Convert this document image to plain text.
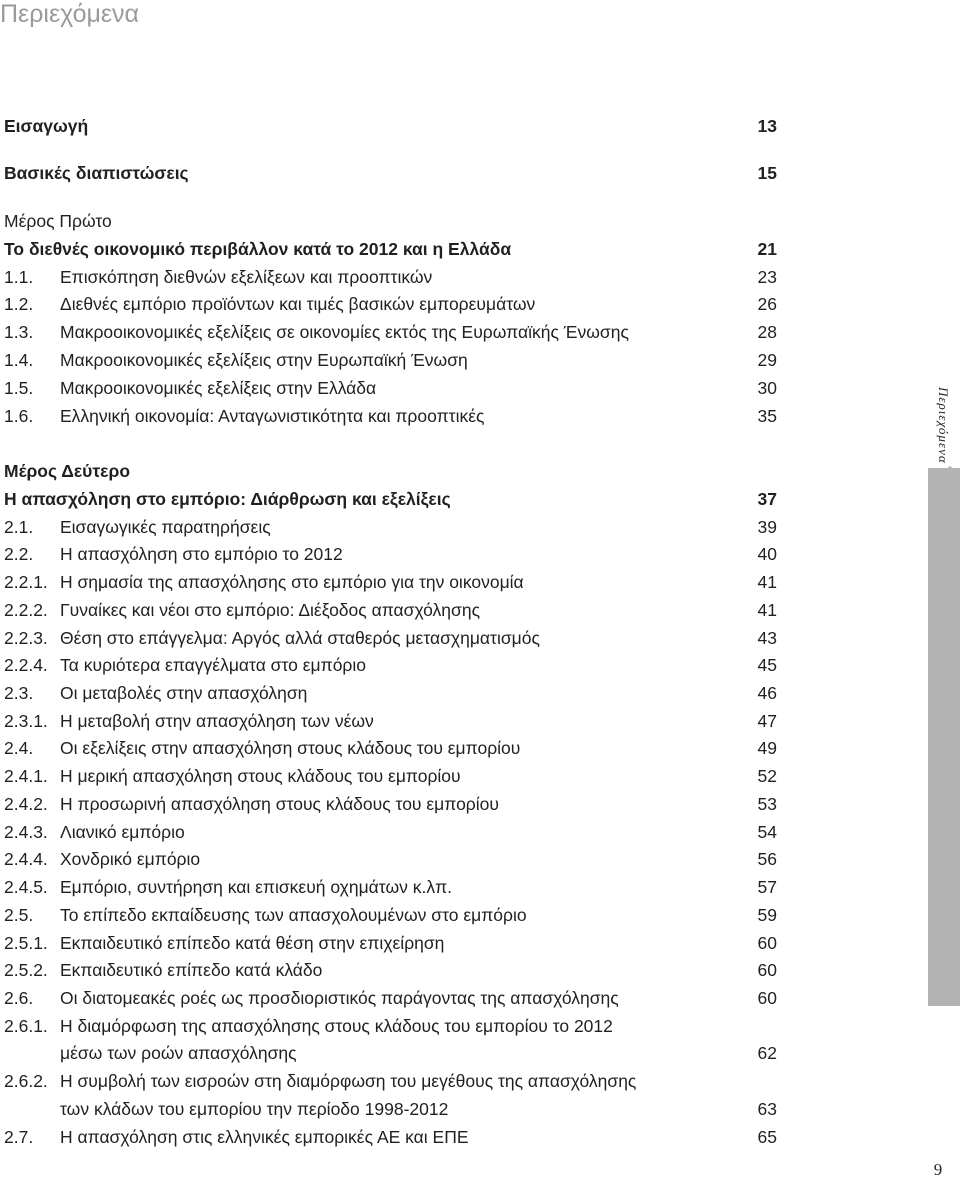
Περιεχόμενα
Εισαγωγή	13
Βασικές διαπιστώσεις	15
Μέρος Πρώτο
Το διεθνές οικονομικό περιβάλλον κατά το 2012 και η Ελλάδα	21
1.1. Επισκόπηση διεθνών εξελίξεων και προοπτικών	23
1.2. Διεθνές εμπόριο προϊόντων και τιμές βασικών εμπορευμάτων	26
1.3. Μακροοικονομικές εξελίξεις σε οικονομίες εκτός της Ευρωπαϊκής Ένωσης	28
1.4. Μακροοικονομικές εξελίξεις στην Ευρωπαϊκή Ένωση	29
1.5. Μακροοικονομικές εξελίξεις στην Ελλάδα	30
1.6. Ελληνική οικονομία: Ανταγωνιστικότητα και προοπτικές	35
Μέρος Δεύτερο
Η απασχόληση στο εμπόριο: Διάρθρωση και εξελίξεις	37
2.1. Εισαγωγικές παρατηρήσεις	39
2.2. Η απασχόληση στο εμπόριο το 2012	40
2.2.1. Η σημασία της απασχόλησης στο εμπόριο για την οικονομία	41
2.2.2. Γυναίκες και νέοι στο εμπόριο: Διέξοδος απασχόλησης	41
2.2.3. Θέση στο επάγγελμα: Αργός αλλά σταθερός μετασχηματισμός	43
2.2.4. Τα κυριότερα επαγγέλματα στο εμπόριο	45
2.3. Οι μεταβολές στην απασχόληση	46
2.3.1. Η μεταβολή στην απασχόληση των νέων	47
2.4. Οι εξελίξεις στην απασχόληση στους κλάδους του εμπορίου	49
2.4.1. Η μερική απασχόληση στους κλάδους του εμπορίου	52
2.4.2. Η προσωρινή απασχόληση στους κλάδους του εμπορίου	53
2.4.3. Λιανικό εμπόριο	54
2.4.4. Χονδρικό εμπόριο	56
2.4.5. Εμπόριο, συντήρηση και επισκευή οχημάτων κ.λπ.	57
2.5. Το επίπεδο εκπαίδευσης των απασχολουμένων στο εμπόριο	59
2.5.1. Εκπαιδευτικό επίπεδο κατά θέση στην επιχείρηση	60
2.5.2. Εκπαιδευτικό επίπεδο κατά κλάδο	60
2.6. Οι διατομεακές ροές ως προσδιοριστικός παράγοντας της απασχόλησης	60
2.6.1. Η διαμόρφωση της απασχόλησης στους κλάδους του εμπορίου το 2012
μέσω των ροών απασχόλησης	62
2.6.2. Η συμβολή των εισροών στη διαμόρφωση του μεγέθους της απασχόλησης
των κλάδων του εμπορίου την περίοδο 1998-2012	63
2.7. Η απασχόληση στις ελληνικές εμπορικές ΑΕ και ΕΠΕ	65
Περιεχόμενα
9
